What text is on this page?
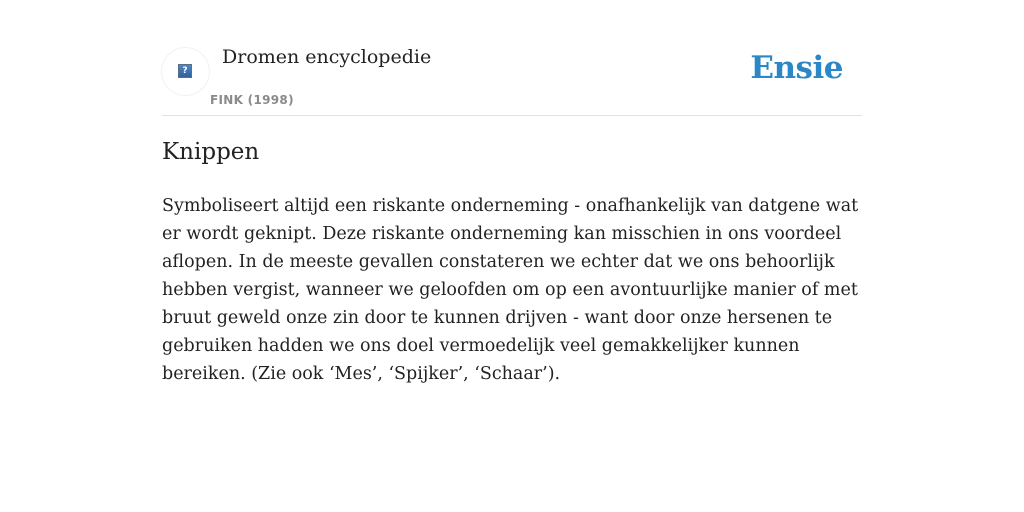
?
Dromen encyclopedie
FINK (1998)
Ensie
Knippen

Symboliseert altijd een riskante onderneming - onafhankelijk van datgene wat er wordt geknipt. Deze riskante onderneming kan misschien in ons voordeel aflopen. In de meeste gevallen constateren we echter dat we ons behoorlijk hebben vergist, wanneer we geloofden om op een avontuurlijke manier of met bruut geweld onze zin door te kunnen drijven - want door onze hersenen te gebruiken hadden we ons doel vermoedelijk veel gemakkelijker kunnen bereiken. (Zie ook ‘Mes’, ‘Spijker’, ‘Schaar’).
